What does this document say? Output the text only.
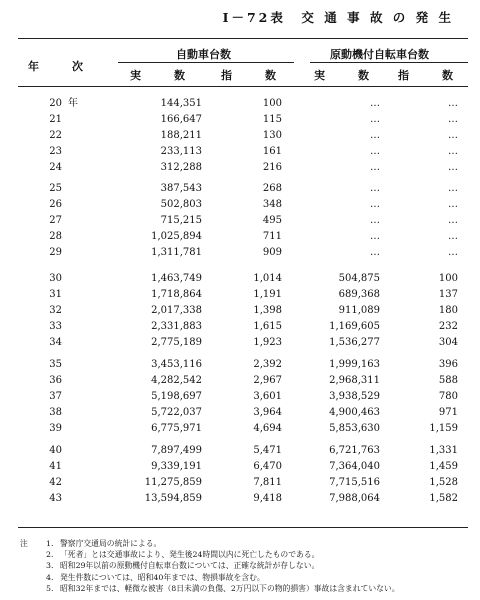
Ⅰ－72表　交 通 事 故 の 発 生
年　　　次
自動車台数	原動機付自転車台数
実　　　数	指　　　数	実　　　数	指　　　数
20 年	144,351	100	…	…
21	166,647	115	…	…
22	188,211	130	…	…
23	233,113	161	…	…
24	312,288	216	…	…
25	387,543	268	…	…
26	502,803	348	…	…
27	715,215	495	…	…
28	1,025,894	711	…	…
29	1,311,781	909	…	…
30	1,463,749	1,014	504,875	100
31	1,718,864	1,191	689,368	137
32	2,017,338	1,398	911,089	180
33	2,331,883	1,615	1,169,605	232
34	2,775,189	1,923	1,536,277	304
35	3,453,116	2,392	1,999,163	396
36	4,282,542	2,967	2,968,311	588
37	5,198,697	3,601	3,938,529	780
38	5,722,037	3,964	4,900,463	971
39	6,775,971	4,694	5,853,630	1,159
40	7,897,499	5,471	6,721,763	1,331
41	9,339,191	6,470	7,364,040	1,459
42	11,275,859	7,811	7,715,516	1,528
43	13,594,859	9,418	7,988,064	1,582
注	1. 警察庁交通局の統計による。
2. 「死者」とは交通事故により、発生後24時間以内に死亡したものである。
3. 昭和29年以前の原動機付自転車台数については、正確な統計が存しない。
4. 発生件数については、昭和40年までは、物損事故を含む。
5. 昭和32年までは、軽微な被害（8日未満の負傷、2万円以下の物的損害）事故は含まれていない。
